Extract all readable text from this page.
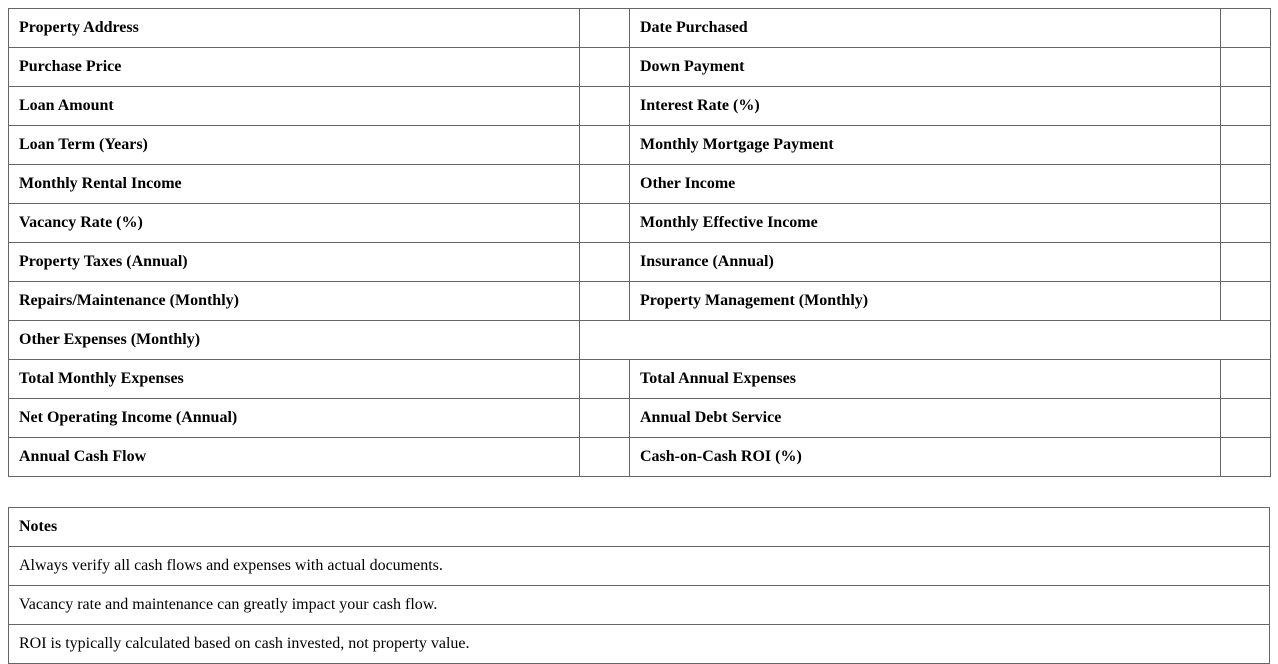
Property Address		Date Purchased	
Purchase Price		Down Payment	
Loan Amount		Interest Rate (%)	
Loan Term (Years)		Monthly Mortgage Payment	
Monthly Rental Income		Other Income	
Vacancy Rate (%)		Monthly Effective Income	
Property Taxes (Annual)		Insurance (Annual)	
Repairs/Maintenance (Monthly)		Property Management (Monthly)	
Other Expenses (Monthly)			
Total Monthly Expenses		Total Annual Expenses	
Net Operating Income (Annual)		Annual Debt Service	
Annual Cash Flow		Cash-on-Cash ROI (%)	
Notes
Always verify all cash flows and expenses with actual documents.
Vacancy rate and maintenance can greatly impact your cash flow.
ROI is typically calculated based on cash invested, not property value.
